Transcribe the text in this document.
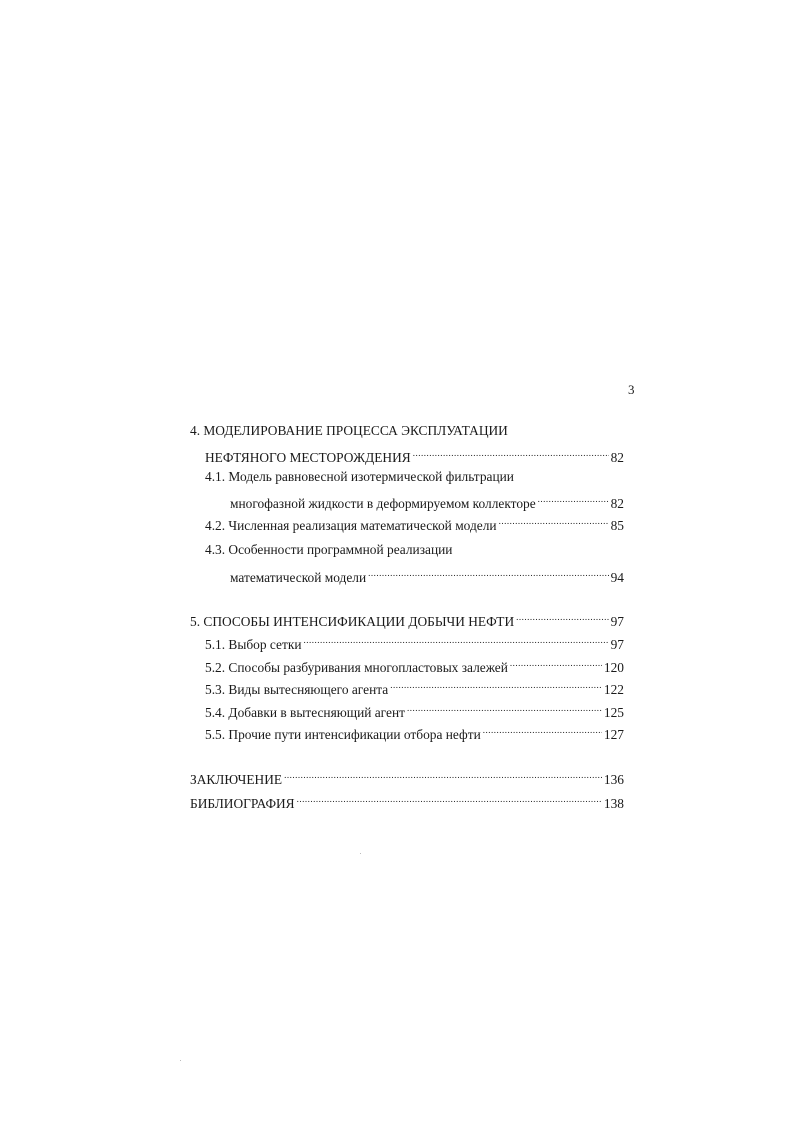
3
4. МОДЕЛИРОВАНИЕ ПРОЦЕССА ЭКСПЛУАТАЦИИ
НЕФТЯНОГО МЕСТОРОЖДЕНИЯ .....	82
4.1. Модель равновесной изотермической фильтрации
многофазной жидкости в деформируемом коллекторе .....	82
4.2. Численная реализация математической модели .....	85
4.3. Особенности программной реализации
математической модели .....	94
5. СПОСОБЫ ИНТЕНСИФИКАЦИИ ДОБЫЧИ НЕФТИ .....	97
5.1. Выбор сетки .....	97
5.2. Способы разбуривания многопластовых залежей .....	120
5.3. Виды вытесняющего агента .....	122
5.4. Добавки в вытесняющий агент .....	125
5.5. Прочие пути интенсификации отбора нефти .....	127
ЗАКЛЮЧЕНИЕ .....	136
БИБЛИОГРАФИЯ .....	138
